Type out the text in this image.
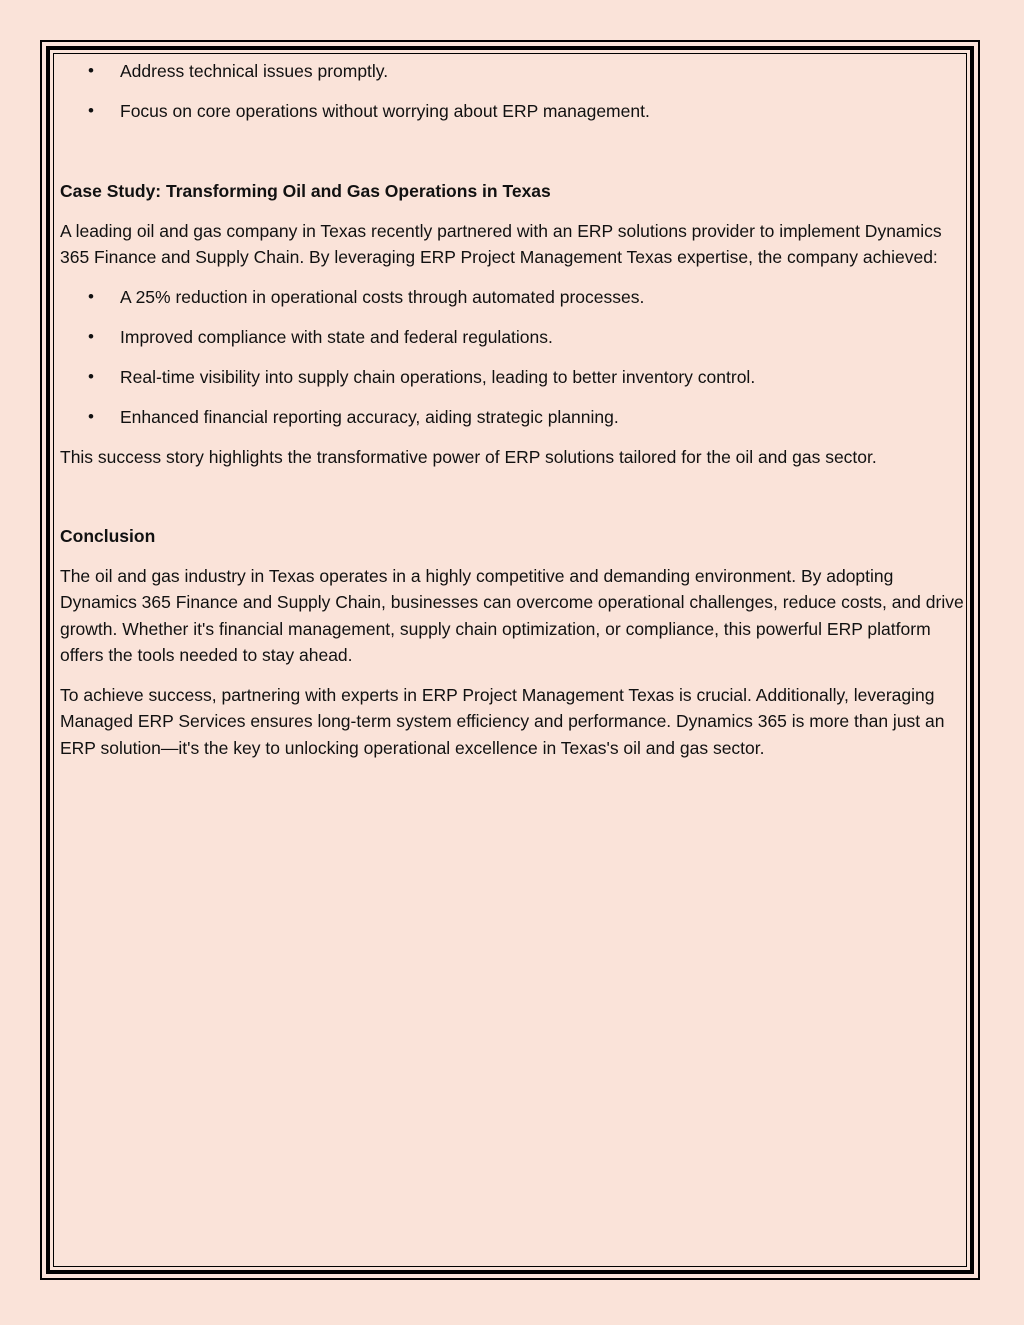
• Address technical issues promptly.
• Focus on core operations without worrying about ERP management.

Case Study: Transforming Oil and Gas Operations in Texas

A leading oil and gas company in Texas recently partnered with an ERP solutions provider to implement Dynamics 365 Finance and Supply Chain. By leveraging ERP Project Management Texas expertise, the company achieved:

• A 25% reduction in operational costs through automated processes.
• Improved compliance with state and federal regulations.
• Real-time visibility into supply chain operations, leading to better inventory control.
• Enhanced financial reporting accuracy, aiding strategic planning.

This success story highlights the transformative power of ERP solutions tailored for the oil and gas sector.

Conclusion

The oil and gas industry in Texas operates in a highly competitive and demanding environment. By adopting Dynamics 365 Finance and Supply Chain, businesses can overcome operational challenges, reduce costs, and drive growth. Whether it's financial management, supply chain optimization, or compliance, this powerful ERP platform offers the tools needed to stay ahead.

To achieve success, partnering with experts in ERP Project Management Texas is crucial. Additionally, leveraging Managed ERP Services ensures long-term system efficiency and performance. Dynamics 365 is more than just an ERP solution—it's the key to unlocking operational excellence in Texas's oil and gas sector.
